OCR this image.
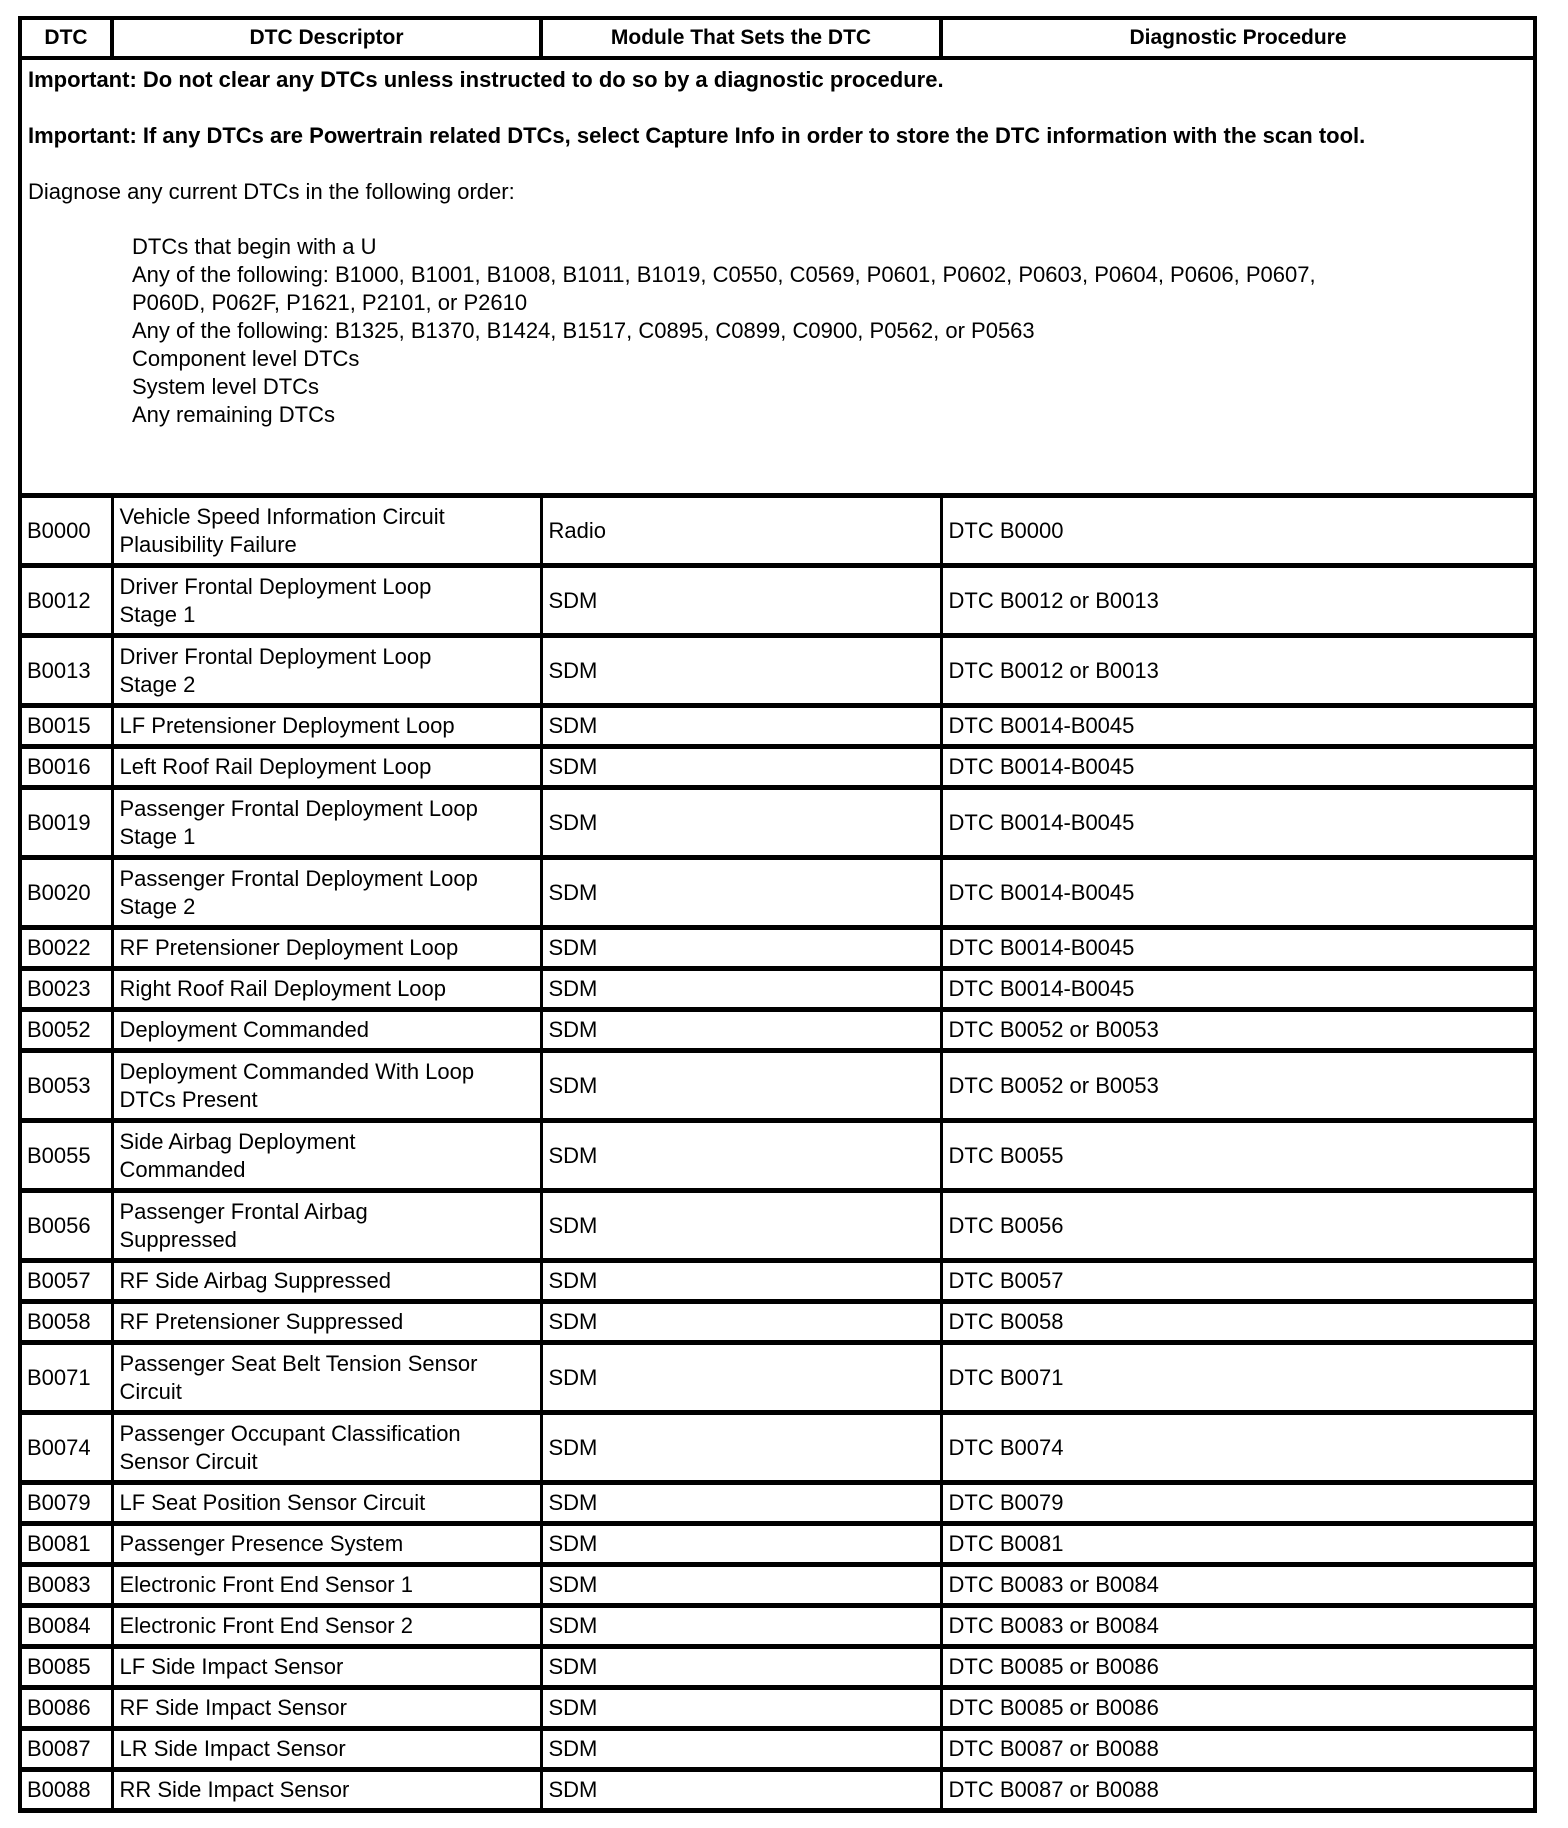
DTC	DTC Descriptor	Module That Sets the DTC	Diagnostic Procedure

Important: Do not clear any DTCs unless instructed to do so by a diagnostic procedure.

Important: If any DTCs are Powertrain related DTCs, select Capture Info in order to store the DTC information with the scan tool.

Diagnose any current DTCs in the following order:

DTCs that begin with a U
Any of the following: B1000, B1001, B1008, B1011, B1019, C0550, C0569, P0601, P0602, P0603, P0604, P0606, P0607,
P060D, P062F, P1621, P2101, or P2610
Any of the following: B1325, B1370, B1424, B1517, C0895, C0899, C0900, P0562, or P0563
Component level DTCs
System level DTCs
Any remaining DTCs

B0000	Vehicle Speed Information Circuit
Plausibility Failure	Radio	DTC B0000
B0012	Driver Frontal Deployment Loop
Stage 1	SDM	DTC B0012 or B0013
B0013	Driver Frontal Deployment Loop
Stage 2	SDM	DTC B0012 or B0013
B0015	LF Pretensioner Deployment Loop	SDM	DTC B0014-B0045
B0016	Left Roof Rail Deployment Loop	SDM	DTC B0014-B0045
B0019	Passenger Frontal Deployment Loop
Stage 1	SDM	DTC B0014-B0045
B0020	Passenger Frontal Deployment Loop
Stage 2	SDM	DTC B0014-B0045
B0022	RF Pretensioner Deployment Loop	SDM	DTC B0014-B0045
B0023	Right Roof Rail Deployment Loop	SDM	DTC B0014-B0045
B0052	Deployment Commanded	SDM	DTC B0052 or B0053
B0053	Deployment Commanded With Loop
DTCs Present	SDM	DTC B0052 or B0053
B0055	Side Airbag Deployment
Commanded	SDM	DTC B0055
B0056	Passenger Frontal Airbag
Suppressed	SDM	DTC B0056
B0057	RF Side Airbag Suppressed	SDM	DTC B0057
B0058	RF Pretensioner Suppressed	SDM	DTC B0058
B0071	Passenger Seat Belt Tension Sensor
Circuit	SDM	DTC B0071
B0074	Passenger Occupant Classification
Sensor Circuit	SDM	DTC B0074
B0079	LF Seat Position Sensor Circuit	SDM	DTC B0079
B0081	Passenger Presence System	SDM	DTC B0081
B0083	Electronic Front End Sensor 1	SDM	DTC B0083 or B0084
B0084	Electronic Front End Sensor 2	SDM	DTC B0083 or B0084
B0085	LF Side Impact Sensor	SDM	DTC B0085 or B0086
B0086	RF Side Impact Sensor	SDM	DTC B0085 or B0086
B0087	LR Side Impact Sensor	SDM	DTC B0087 or B0088
B0088	RR Side Impact Sensor	SDM	DTC B0087 or B0088
